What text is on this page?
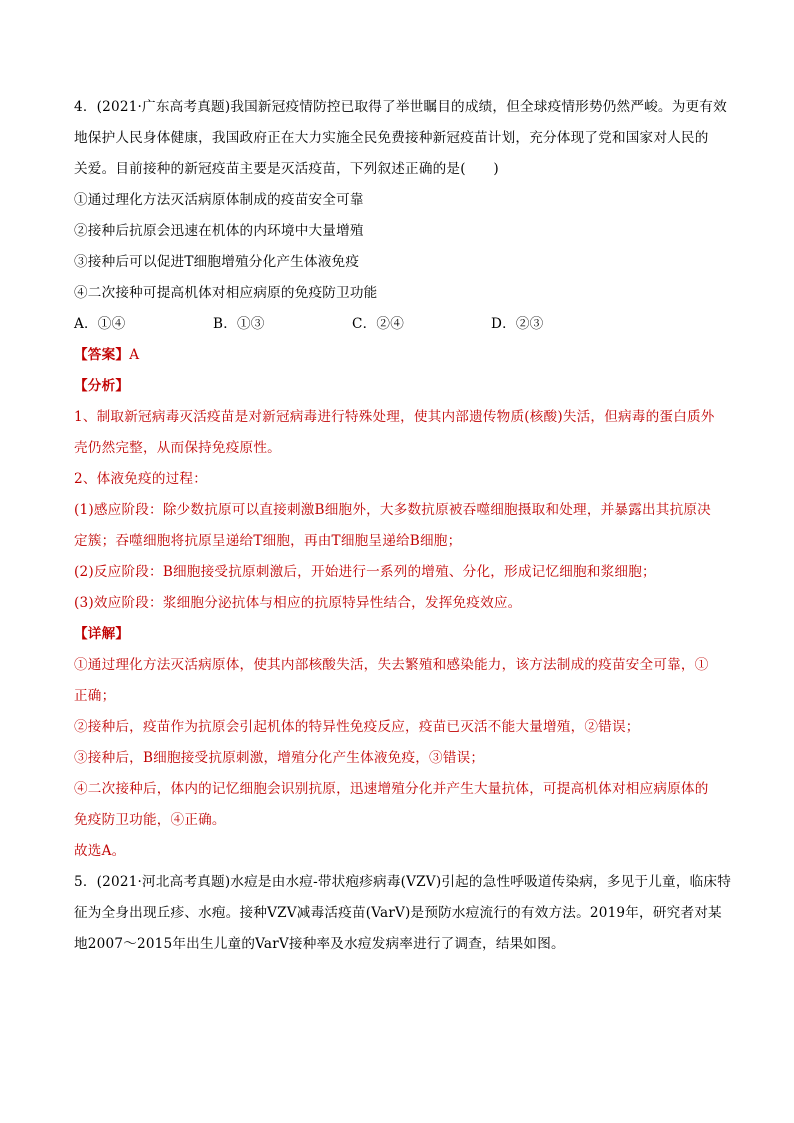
4．(2021·广东高考真题)我国新冠疫情防控已取得了举世瞩目的成绩，但全球疫情形势仍然严峻。为更有效
地保护人民身体健康，我国政府正在大力实施全民免费接种新冠疫苗计划，充分体现了党和国家对人民的
关爱。目前接种的新冠疫苗主要是灭活疫苗，下列叙述正确的是(　　)
①通过理化方法灭活病原体制成的疫苗安全可靠
②接种后抗原会迅速在机体的内环境中大量增殖
③接种后可以促进T细胞增殖分化产生体液免疫
④二次接种可提高机体对相应病原的免疫防卫功能
A．①④	B．①③	C．②④	D．②③
【答案】A
【分析】
1、制取新冠病毒灭活疫苗是对新冠病毒进行特殊处理，使其内部遗传物质(核酸)失活，但病毒的蛋白质外
壳仍然完整，从而保持免疫原性。
2、体液免疫的过程：
(1)感应阶段：除少数抗原可以直接刺激B细胞外，大多数抗原被吞噬细胞摄取和处理，并暴露出其抗原决
定簇；吞噬细胞将抗原呈递给T细胞，再由T细胞呈递给B细胞；
(2)反应阶段：B细胞接受抗原刺激后，开始进行一系列的增殖、分化，形成记忆细胞和浆细胞；
(3)效应阶段：浆细胞分泌抗体与相应的抗原特异性结合，发挥免疫效应。
【详解】
①通过理化方法灭活病原体，使其内部核酸失活，失去繁殖和感染能力，该方法制成的疫苗安全可靠，①
正确；
②接种后，疫苗作为抗原会引起机体的特异性免疫反应，疫苗已灭活不能大量增殖，②错误；
③接种后，B细胞接受抗原刺激，增殖分化产生体液免疫，③错误；
④二次接种后，体内的记忆细胞会识别抗原，迅速增殖分化并产生大量抗体，可提高机体对相应病原体的
免疫防卫功能，④正确。
故选A。
5．(2021·河北高考真题)水痘是由水痘-带状疱疹病毒(VZV)引起的急性呼吸道传染病，多见于儿童，临床特
征为全身出现丘疹、水疱。接种VZV减毒活疫苗(VarV)是预防水痘流行的有效方法。2019年，研究者对某
地2007～2015年出生儿童的VarV接种率及水痘发病率进行了调查，结果如图。
